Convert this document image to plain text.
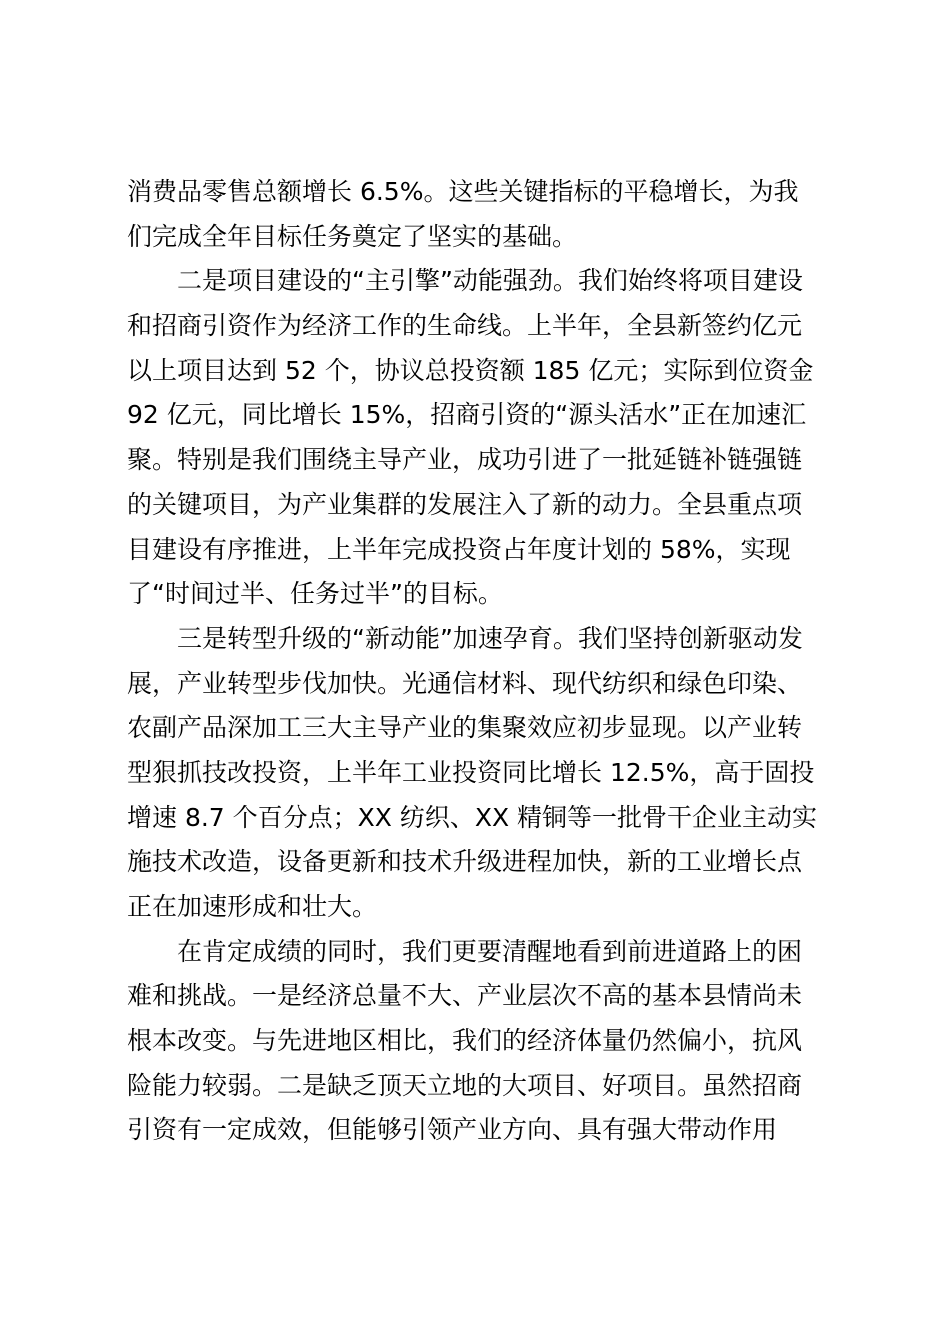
消费品零售总额增长 6.5%。这些关键指标的平稳增长，为我
们完成全年目标任务奠定了坚实的基础。
二是项目建设的“主引擎”动能强劲。我们始终将项目建设
和招商引资作为经济工作的生命线。上半年，全县新签约亿元
以上项目达到 52 个，协议总投资额 185 亿元；实际到位资金
92 亿元，同比增长 15%，招商引资的“源头活水”正在加速汇
聚。特别是我们围绕主导产业，成功引进了一批延链补链强链
的关键项目，为产业集群的发展注入了新的动力。全县重点项
目建设有序推进，上半年完成投资占年度计划的 58%，实现
了“时间过半、任务过半”的目标。
三是转型升级的“新动能”加速孕育。我们坚持创新驱动发
展，产业转型步伐加快。光通信材料、现代纺织和绿色印染、
农副产品深加工三大主导产业的集聚效应初步显现。以产业转
型狠抓技改投资，上半年工业投资同比增长 12.5%，高于固投
增速 8.7 个百分点；XX 纺织、XX 精铜等一批骨干企业主动实
施技术改造，设备更新和技术升级进程加快，新的工业增长点
正在加速形成和壮大。
在肯定成绩的同时，我们更要清醒地看到前进道路上的困
难和挑战。一是经济总量不大、产业层次不高的基本县情尚未
根本改变。与先进地区相比，我们的经济体量仍然偏小，抗风
险能力较弱。二是缺乏顶天立地的大项目、好项目。虽然招商
引资有一定成效，但能够引领产业方向、具有强大带动作用
